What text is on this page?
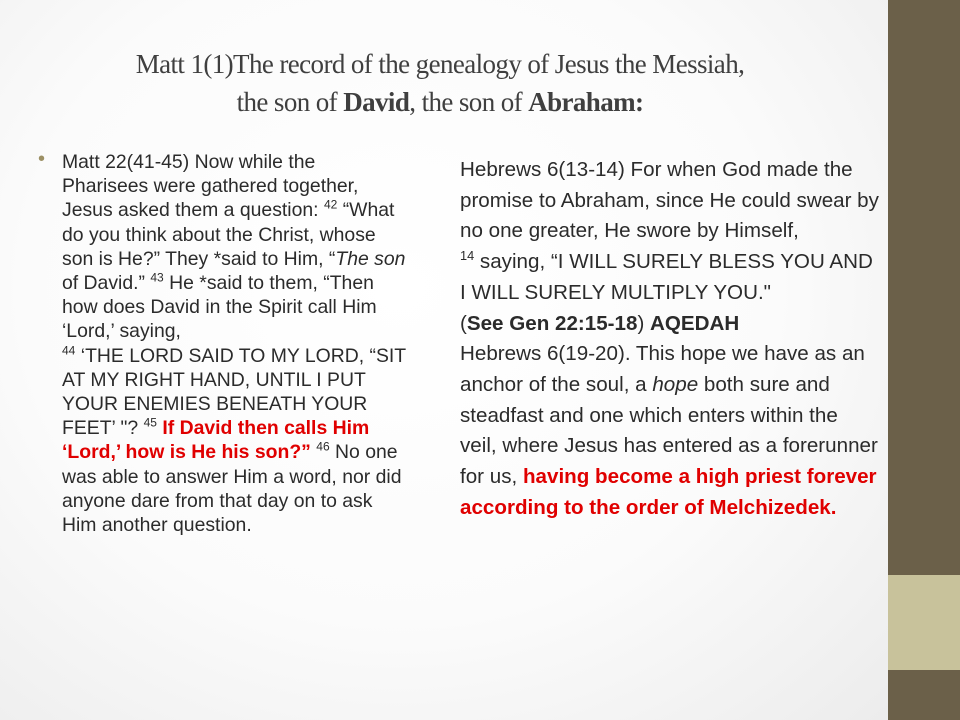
Matt 1(1)The record of the genealogy of Jesus the Messiah,
the son of David, the son of Abraham:
• Matt 22(41-45) Now while the Pharisees were gathered together, Jesus asked them a question: $^{42}$ “What do you think about the Christ, whose son is He?” They *said to Him, “The son of David.” $^{43}$ He *said to them, “Then how does David in the Spirit call Him ‘Lord,’ saying,
$^{44}$ ‘THE LORD SAID TO MY LORD, “SIT AT MY RIGHT HAND, UNTIL I PUT YOUR ENEMIES BENEATH YOUR FEET’ "? $^{45}$ If David then calls Him ‘Lord,’ how is He his son?” $^{46}$ No one was able to answer Him a word, nor did anyone dare from that day on to ask Him another question.
Hebrews 6(13-14) For when God made the promise to Abraham, since He could swear by no one greater, He swore by Himself,
$^{14}$ saying, “I WILL SURELY BLESS YOU AND I WILL SURELY MULTIPLY YOU."
(See Gen 22:15-18) AQEDAH
Hebrews 6(19-20). This hope we have as an anchor of the soul, a hope both sure and steadfast and one which enters within the veil, where Jesus has entered as a forerunner for us, having become a high priest forever according to the order of Melchizedek.
